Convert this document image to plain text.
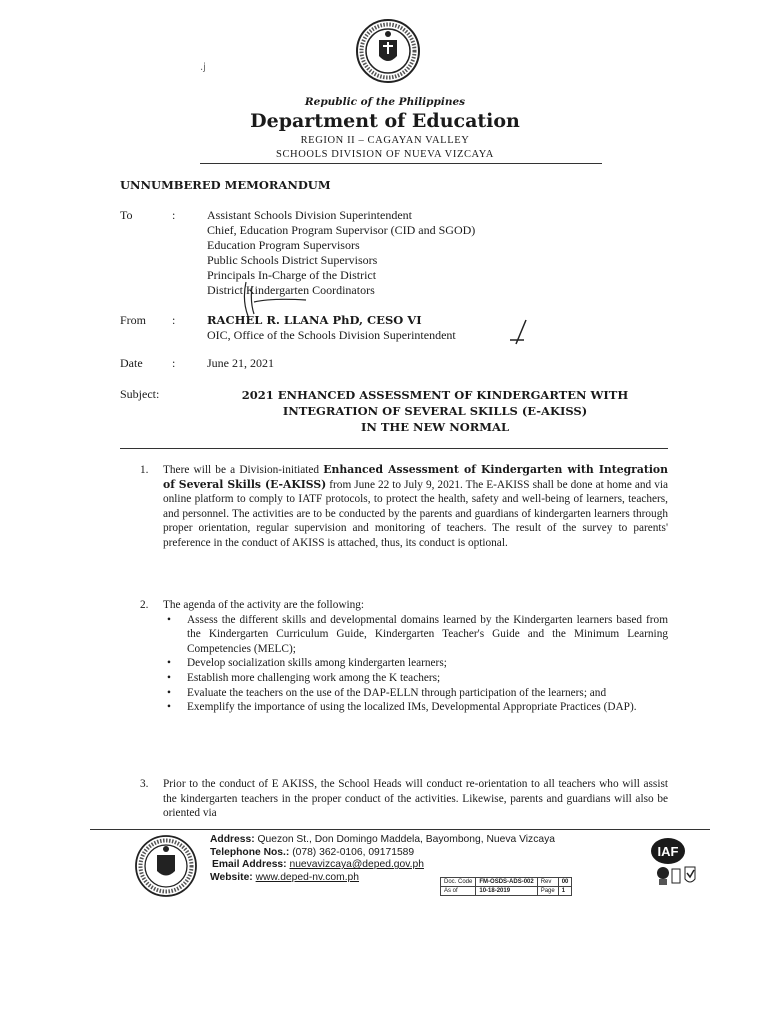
.j
Republic of the Philippines
Department of Education
REGION II – CAGAYAN VALLEY
SCHOOLS DIVISION OF NUEVA VIZCAYA
UNNUMBERED MEMORANDUM
To	:	Assistant Schools Division Superintendent
Chief, Education Program Supervisor (CID and SGOD)
Education Program Supervisors
Public Schools District Supervisors
Principals In-Charge of the District
District Kindergarten Coordinators
From :	RACHEL R. LLANA PhD, CESO VI
OIC, Office of the Schools Division Superintendent
Date :	June 21, 2021
Subject:	2021 ENHANCED ASSESSMENT OF KINDERGARTEN WITH
INTEGRATION OF SEVERAL SKILLS (E-AKISS)
IN THE NEW NORMAL
1. There will be a Division-initiated Enhanced Assessment of Kindergarten with Integration of Several Skills (E-AKISS) from June 22 to July 9, 2021. The E-AKISS shall be done at home and via online platform to comply to IATF protocols, to protect the health, safety and well-being of learners, teachers, and personnel. The activities are to be conducted by the parents and guardians of kindergarten learners through proper orientation, regular supervision and monitoring of teachers. The result of the survey to parents' preference in the conduct of AKISS is attached, thus, its conduct is optional.
2. The agenda of the activity are the following:
• Assess the different skills and developmental domains learned by the Kindergarten learners based from the Kindergarten Curriculum Guide, Kindergarten Teacher's Guide and the Minimum Learning Competencies (MELC);
• Develop socialization skills among kindergarten learners;
• Establish more challenging work among the K teachers;
• Evaluate the teachers on the use of the DAP-ELLN through participation of the learners; and
• Exemplify the importance of using the localized IMs, Developmental Appropriate Practices (DAP).
3. Prior to the conduct of E AKISS, the School Heads will conduct re-orientation to all teachers who will assist the kindergarten teachers in the proper conduct of the activities. Likewise, parents and guardians will also be oriented via
Address: Quezon St., Don Domingo Maddela, Bayombong, Nueva Vizcaya
Telephone Nos.: (078) 362-0106, 09171589
Email Address: nuevavizcaya@deped.gov.ph
Website: www.deped-nv.com.ph	Doc. Code	FM-OSDS-ADS-002	Rev	00
As of	10-18-2019	Page	1
IAF
